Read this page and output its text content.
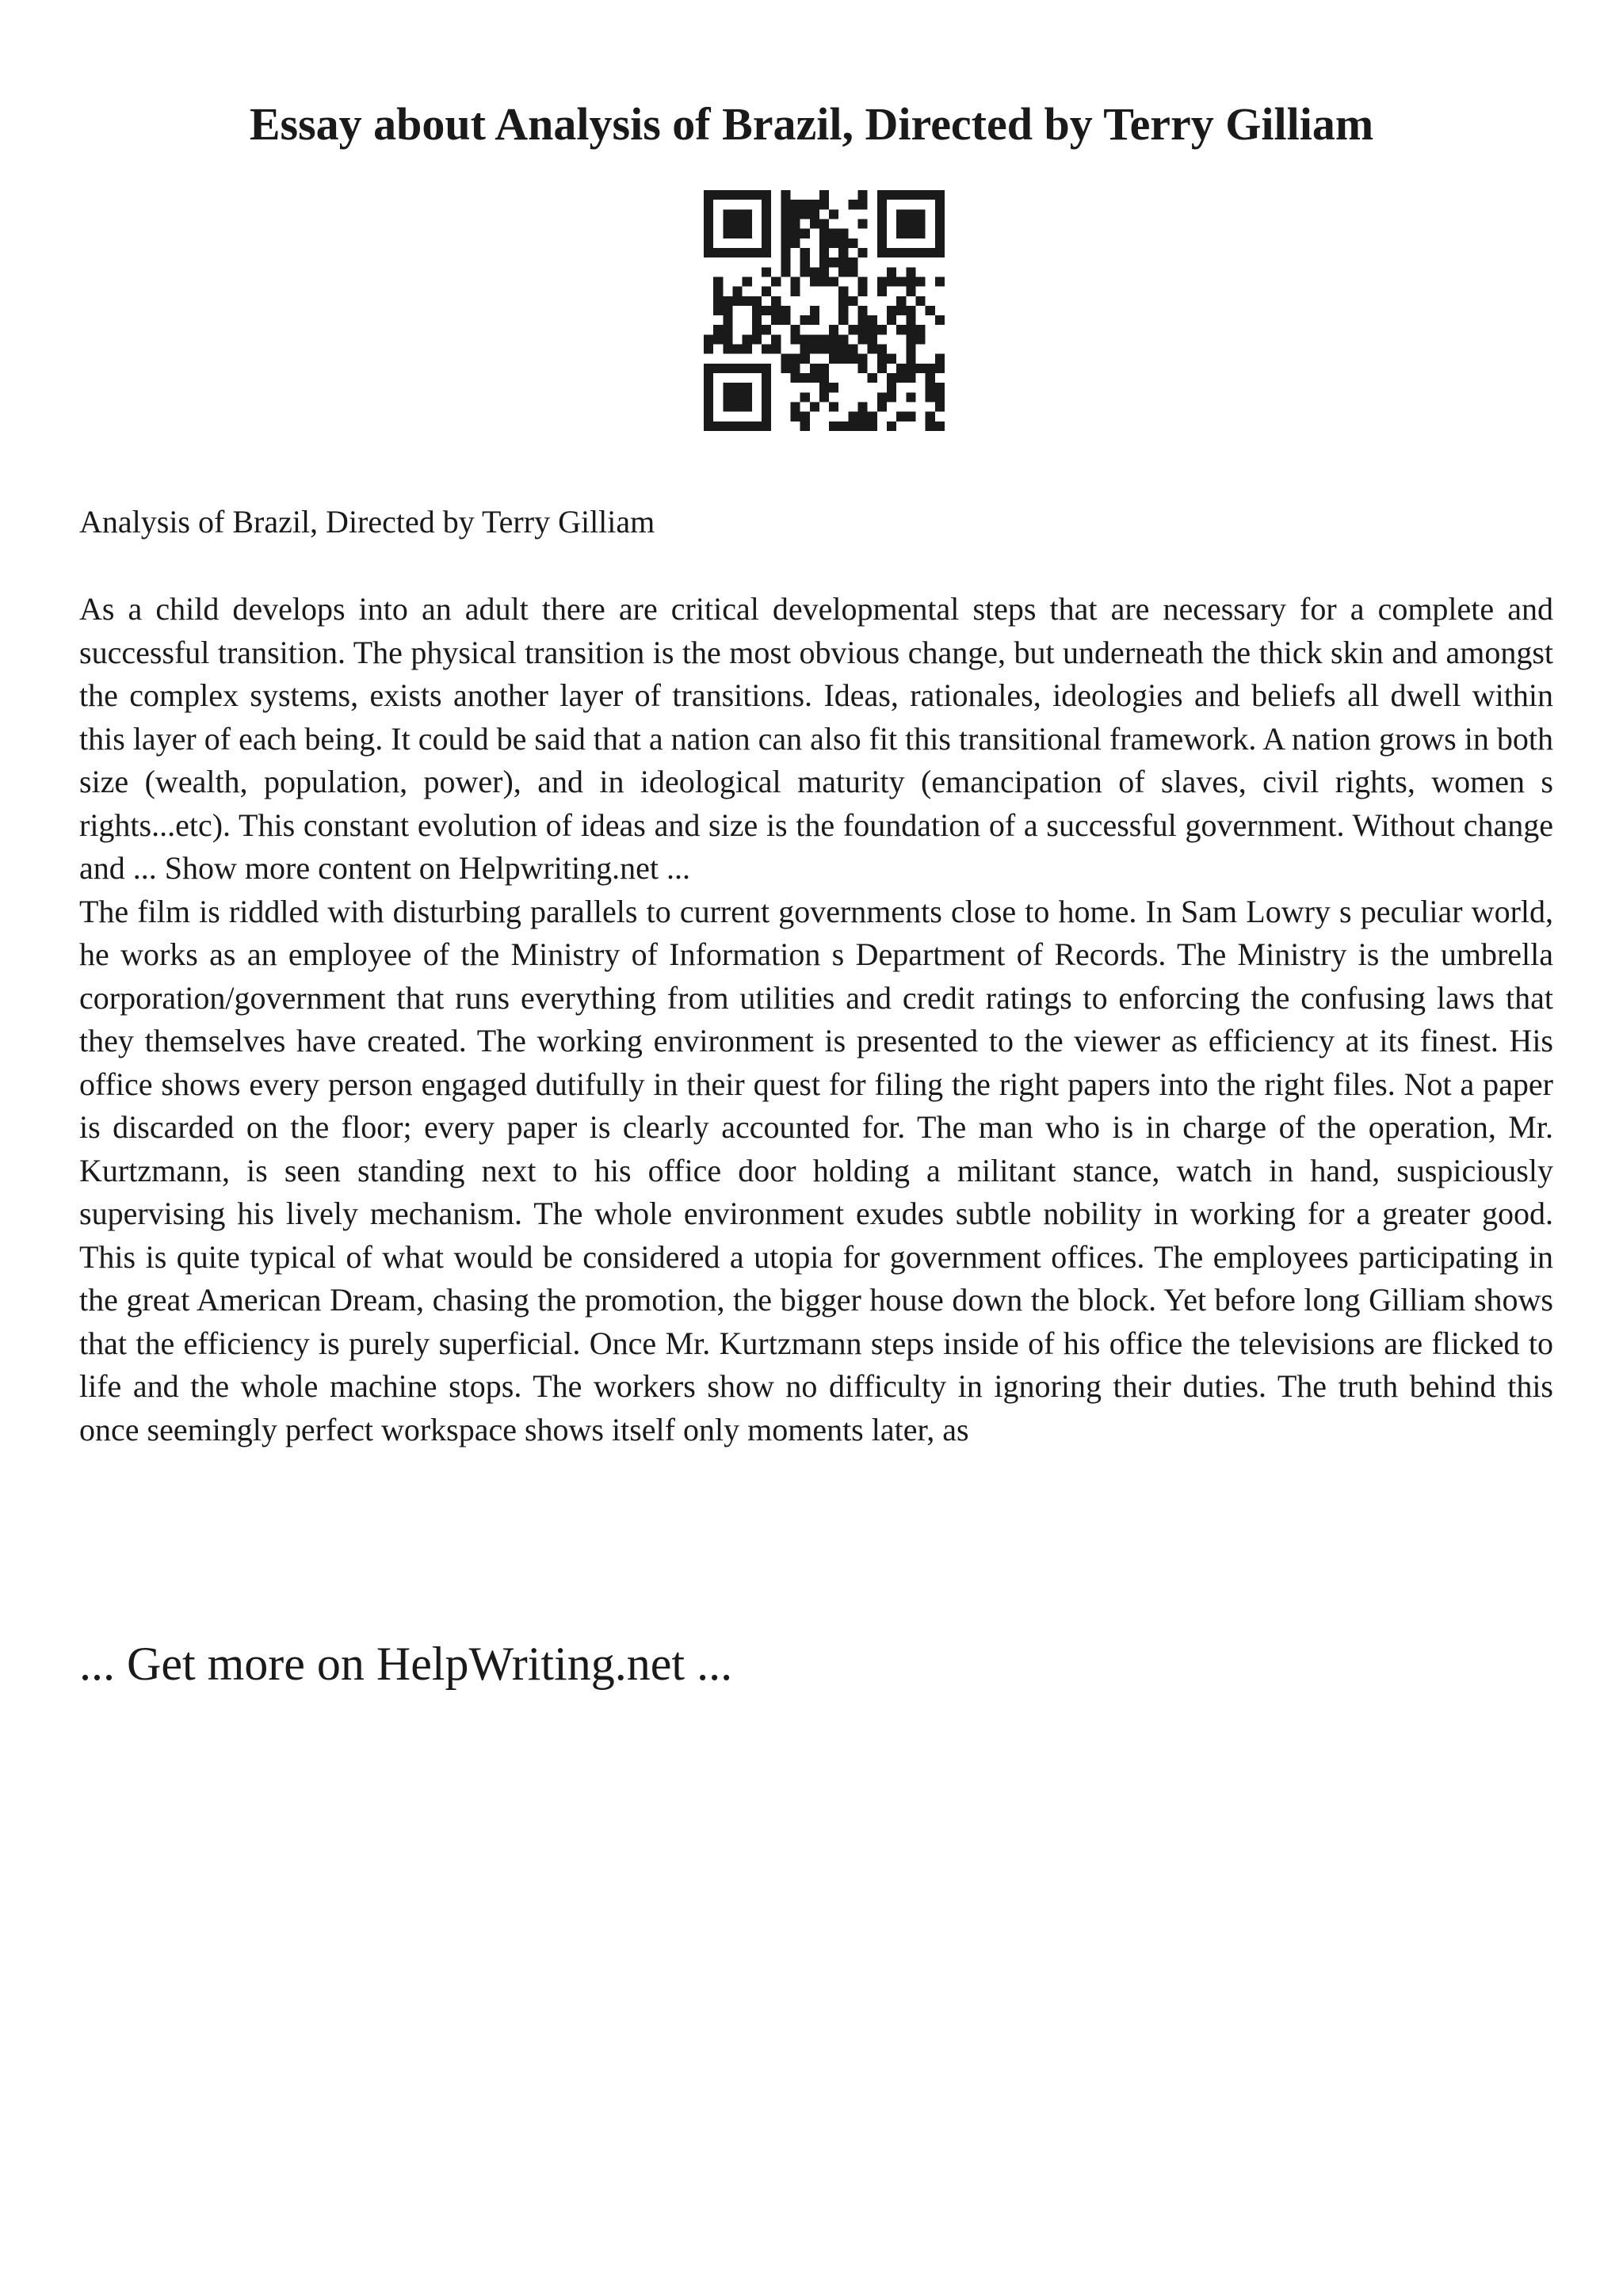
Essay about Analysis of Brazil, Directed by Terry Gilliam

Analysis of Brazil, Directed by Terry Gilliam

As a child develops into an adult there are critical developmental steps that are necessary for a complete and successful transition. The physical transition is the most obvious change, but underneath the thick skin and amongst the complex systems, exists another layer of transitions. Ideas, rationales, ideologies and beliefs all dwell within this layer of each being. It could be said that a nation can also fit this transitional framework. A nation grows in both size (wealth, population, power), and in ideological maturity (emancipation of slaves, civil rights, women s rights...etc). This constant evolution of ideas and size is the foundation of a successful government. Without change and ... Show more content on Helpwriting.net ...

The film is riddled with disturbing parallels to current governments close to home. In Sam Lowry s peculiar world, he works as an employee of the Ministry of Information s Department of Records. The Ministry is the umbrella corporation/government that runs everything from utilities and credit ratings to enforcing the confusing laws that they themselves have created. The working environment is presented to the viewer as efficiency at its finest. His office shows every person engaged dutifully in their quest for filing the right papers into the right files. Not a paper is discarded on the floor; every paper is clearly accounted for. The man who is in charge of the operation, Mr. Kurtzmann, is seen standing next to his office door holding a militant stance, watch in hand, suspiciously supervising his lively mechanism. The whole environment exudes subtle nobility in working for a greater good. This is quite typical of what would be considered a utopia for government offices. The employees participating in the great American Dream, chasing the promotion, the bigger house down the block. Yet before long Gilliam shows that the efficiency is purely superficial. Once Mr. Kurtzmann steps inside of his office the televisions are flicked to life and the whole machine stops. The workers show no difficulty in ignoring their duties. The truth behind this once seemingly perfect workspace shows itself only moments later, as

... Get more on HelpWriting.net ...
